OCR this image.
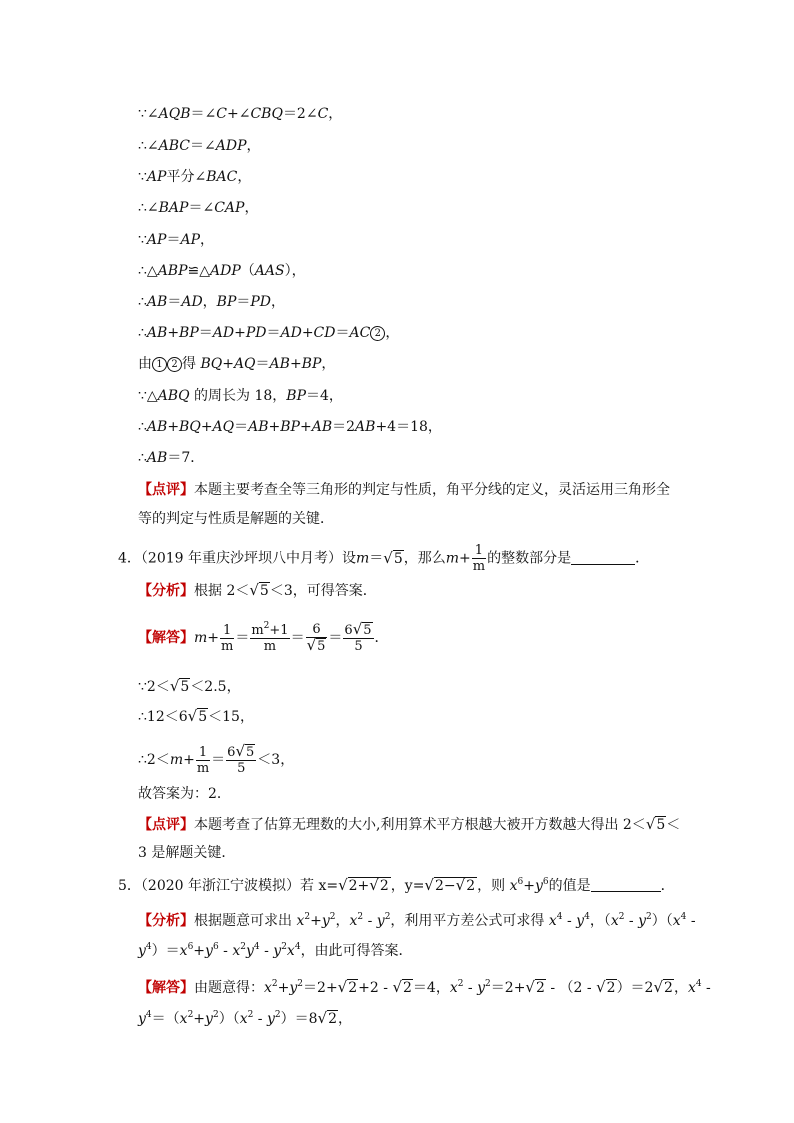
∵∠AQB＝∠C+∠CBQ＝2∠C，
∴∠ABC＝∠ADP，
∵AP平分∠BAC，
∴∠BAP＝∠CAP，
∵AP＝AP，
∴△ABP≌△ADP（AAS），
∴AB＝AD，BP＝PD，
∴AB+BP＝AD+PD＝AD+CD＝AC 2 ，
由 1 2 得 BQ+AQ＝AB+BP，
∵△ABQ 的周长为 18，BP＝4，
∴AB+BQ+AQ＝AB+BP+AB＝2AB+4＝18，
∴AB＝7．
【点评】本题主要考查全等三角形的判定与性质，角平分线的定义，灵活运用三角形全
等的判定与性质是解题的关键．
4．（2019 年重庆沙坪坝八中月考）设m＝√5，那么$m+ \frac{1}{m}$ 的整数部分是	．
【分析】根据 2＜√5＜3，可得答案．
【解答】$m+ \frac{1}{m} = \frac{m^2+1}{m} = \frac{6}{√5} = \frac{6√5}{5}$ ．
∵2＜√5＜2.5，
∴12＜6√5＜15，
∴2＜m+ $\frac{1}{m} = \frac{6√5}{5} <3$，
故答案为：2．
【点评】本题考查了估算无理数的大小,利用算术平方根越大被开方数越大得出 2＜√5＜
3 是解题关键．
5．（2020 年浙江宁波模拟）若 x=√2+√2 ，y=√2−√2 ，则 $x^6+y^6$的值是	．
【分析】根据题意可求出 $x^2+y^2$，$x^2 - y^2$，利用平方差公式可求得 $x^4 - y^4$，$(x^2 - y^2)(x^4$ -
$y^4)=x^6+y^6 - x^2y^4 - y^2x^4$，由此可得答案．
【解答】由题意得：$x^2+y^2=2+√2+2 - √2=4$，$x^2 - y^2=2+√2 - (2 - √2)=2√2$，$x^4$ -
$y^4=(x^2+y^2)(x^2 - y^2)=8√2$，
